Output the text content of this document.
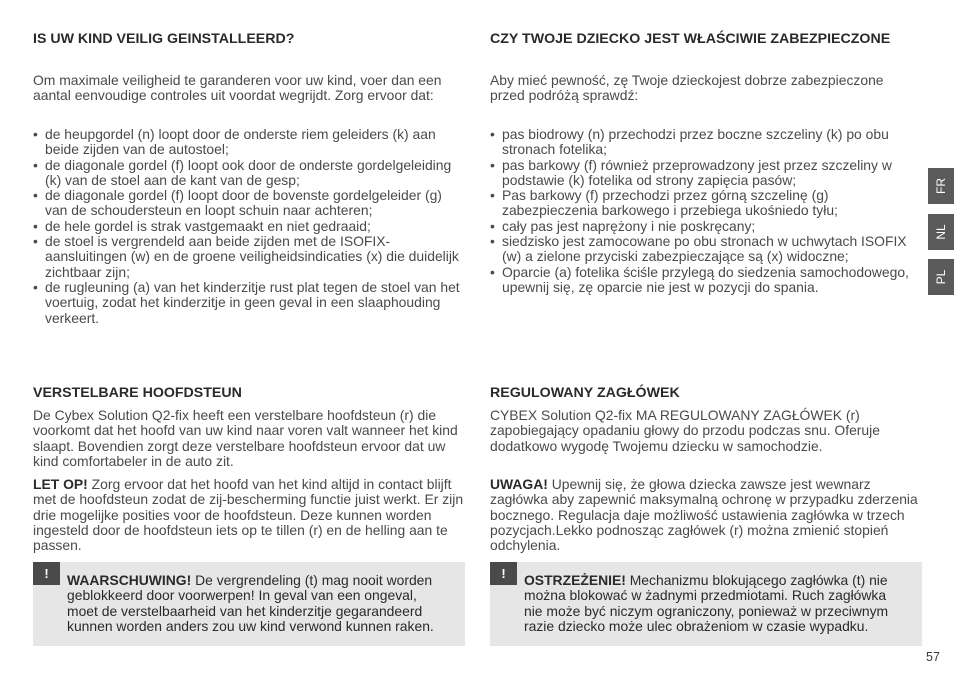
IS UW KIND VEILIG GEINSTALLEERD?

Om maximale veiligheid te garanderen voor uw kind, voer dan een aantal eenvoudige controles uit voordat wegrijdt. Zorg ervoor dat:

• de heupgordel (n) loopt door de onderste riem geleiders (k) aan beide zijden van de autostoel;
• de diagonale gordel (f) loopt ook door de onderste gordelgeleiding (k) van de stoel aan de kant van de gesp;
• de diagonale gordel (f) loopt door de bovenste gordelgeleider (g) van de schoudersteun en loopt schuin naar achteren;
• de hele gordel is strak vastgemaakt en niet gedraaid;
• de stoel is vergrendeld aan beide zijden met de ISOFIX-aansluitingen (w) en de groene veiligheidsindicaties (x) die duidelijk zichtbaar zijn;
• de rugleuning (a) van het kinderzitje rust plat tegen de stoel van het voertuig, zodat het kinderzitje in geen geval in een slaaphouding verkeert.
VERSTELBARE HOOFDSTEUN

De Cybex Solution Q2-fix heeft een verstelbare hoofdsteun (r) die voorkomt dat het hoofd van uw kind naar voren valt wanneer het kind slaapt. Bovendien zorgt deze verstelbare hoofdsteun ervoor dat uw kind comfortabeler in de auto zit.

LET OP! Zorg ervoor dat het hoofd van het kind altijd in contact blijft met de hoofdsteun zodat de zij-bescherming functie juist werkt. Er zijn drie mogelijke posities voor de hoofdsteun. Deze kunnen worden ingesteld door de hoofdsteun iets op te tillen (r) en de helling aan te passen.

!	WAARSCHUWING! De vergrendeling (t) mag nooit worden geblokkeerd door voorwerpen! In geval van een ongeval, moet de verstelbaarheid van het kinderzitje gegarandeerd kunnen worden anders zou uw kind verwond kunnen raken.

CZY TWOJE DZIECKO JEST WŁAŚCIWIE ZABEZPIECZONE

Aby mieć pewność, zę Twoje dzieckojest dobrze zabezpieczone przed podróżą sprawdź:

• pas biodrowy (n) przechodzi przez boczne szczeliny (k) po obu stronach fotelika;
• pas barkowy (f) również przeprowadzony jest przez szczeliny w podstawie (k) fotelika od strony zapięcia pasów;
• Pas barkowy (f) przechodzi przez górną szczelinę (g) zabezpieczenia barkowego i przebiega ukośniedo tyłu;
• cały pas jest naprężony i nie poskręcany;
• siedzisko jest zamocowane po obu stronach w uchwytach ISOFIX (w) a zielone przyciski zabezpieczające są (x) widoczne;
• Oparcie (a) fotelika ściśle przylegą do siedzenia samochodowego, upewnij się, zę oparcie nie jest w pozycji do spania.
REGULOWANY ZAGŁÓWEK

CYBEX Solution Q2-fix MA REGULOWANY ZAGŁÓWEK (r) zapobiegający opadaniu głowy do przodu podczas snu. Oferuje dodatkowo wygodę Twojemu dziecku w samochodzie.

UWAGA! Upewnij się, że głowa dziecka zawsze jest wewnarz zagłówka aby zapewnić maksymalną ochronę w przypadku zderzenia bocznego. Regulacja daje możliwość ustawienia zagłówka w trzech pozycjach.Lekko podnosząc zagłówek (r) można zmienić stopień odchylenia.

!	OSTRZEŻENIE! Mechanizmu blokującego zagłówka (t) nie można blokować w żadnymi przedmiotami. Ruch zagłówka nie może być niczym ograniczony, ponieważ w przeciwnym razie dziecko może ulec obrażeniom w czasie wypadku.

FR
NL
PL
57
